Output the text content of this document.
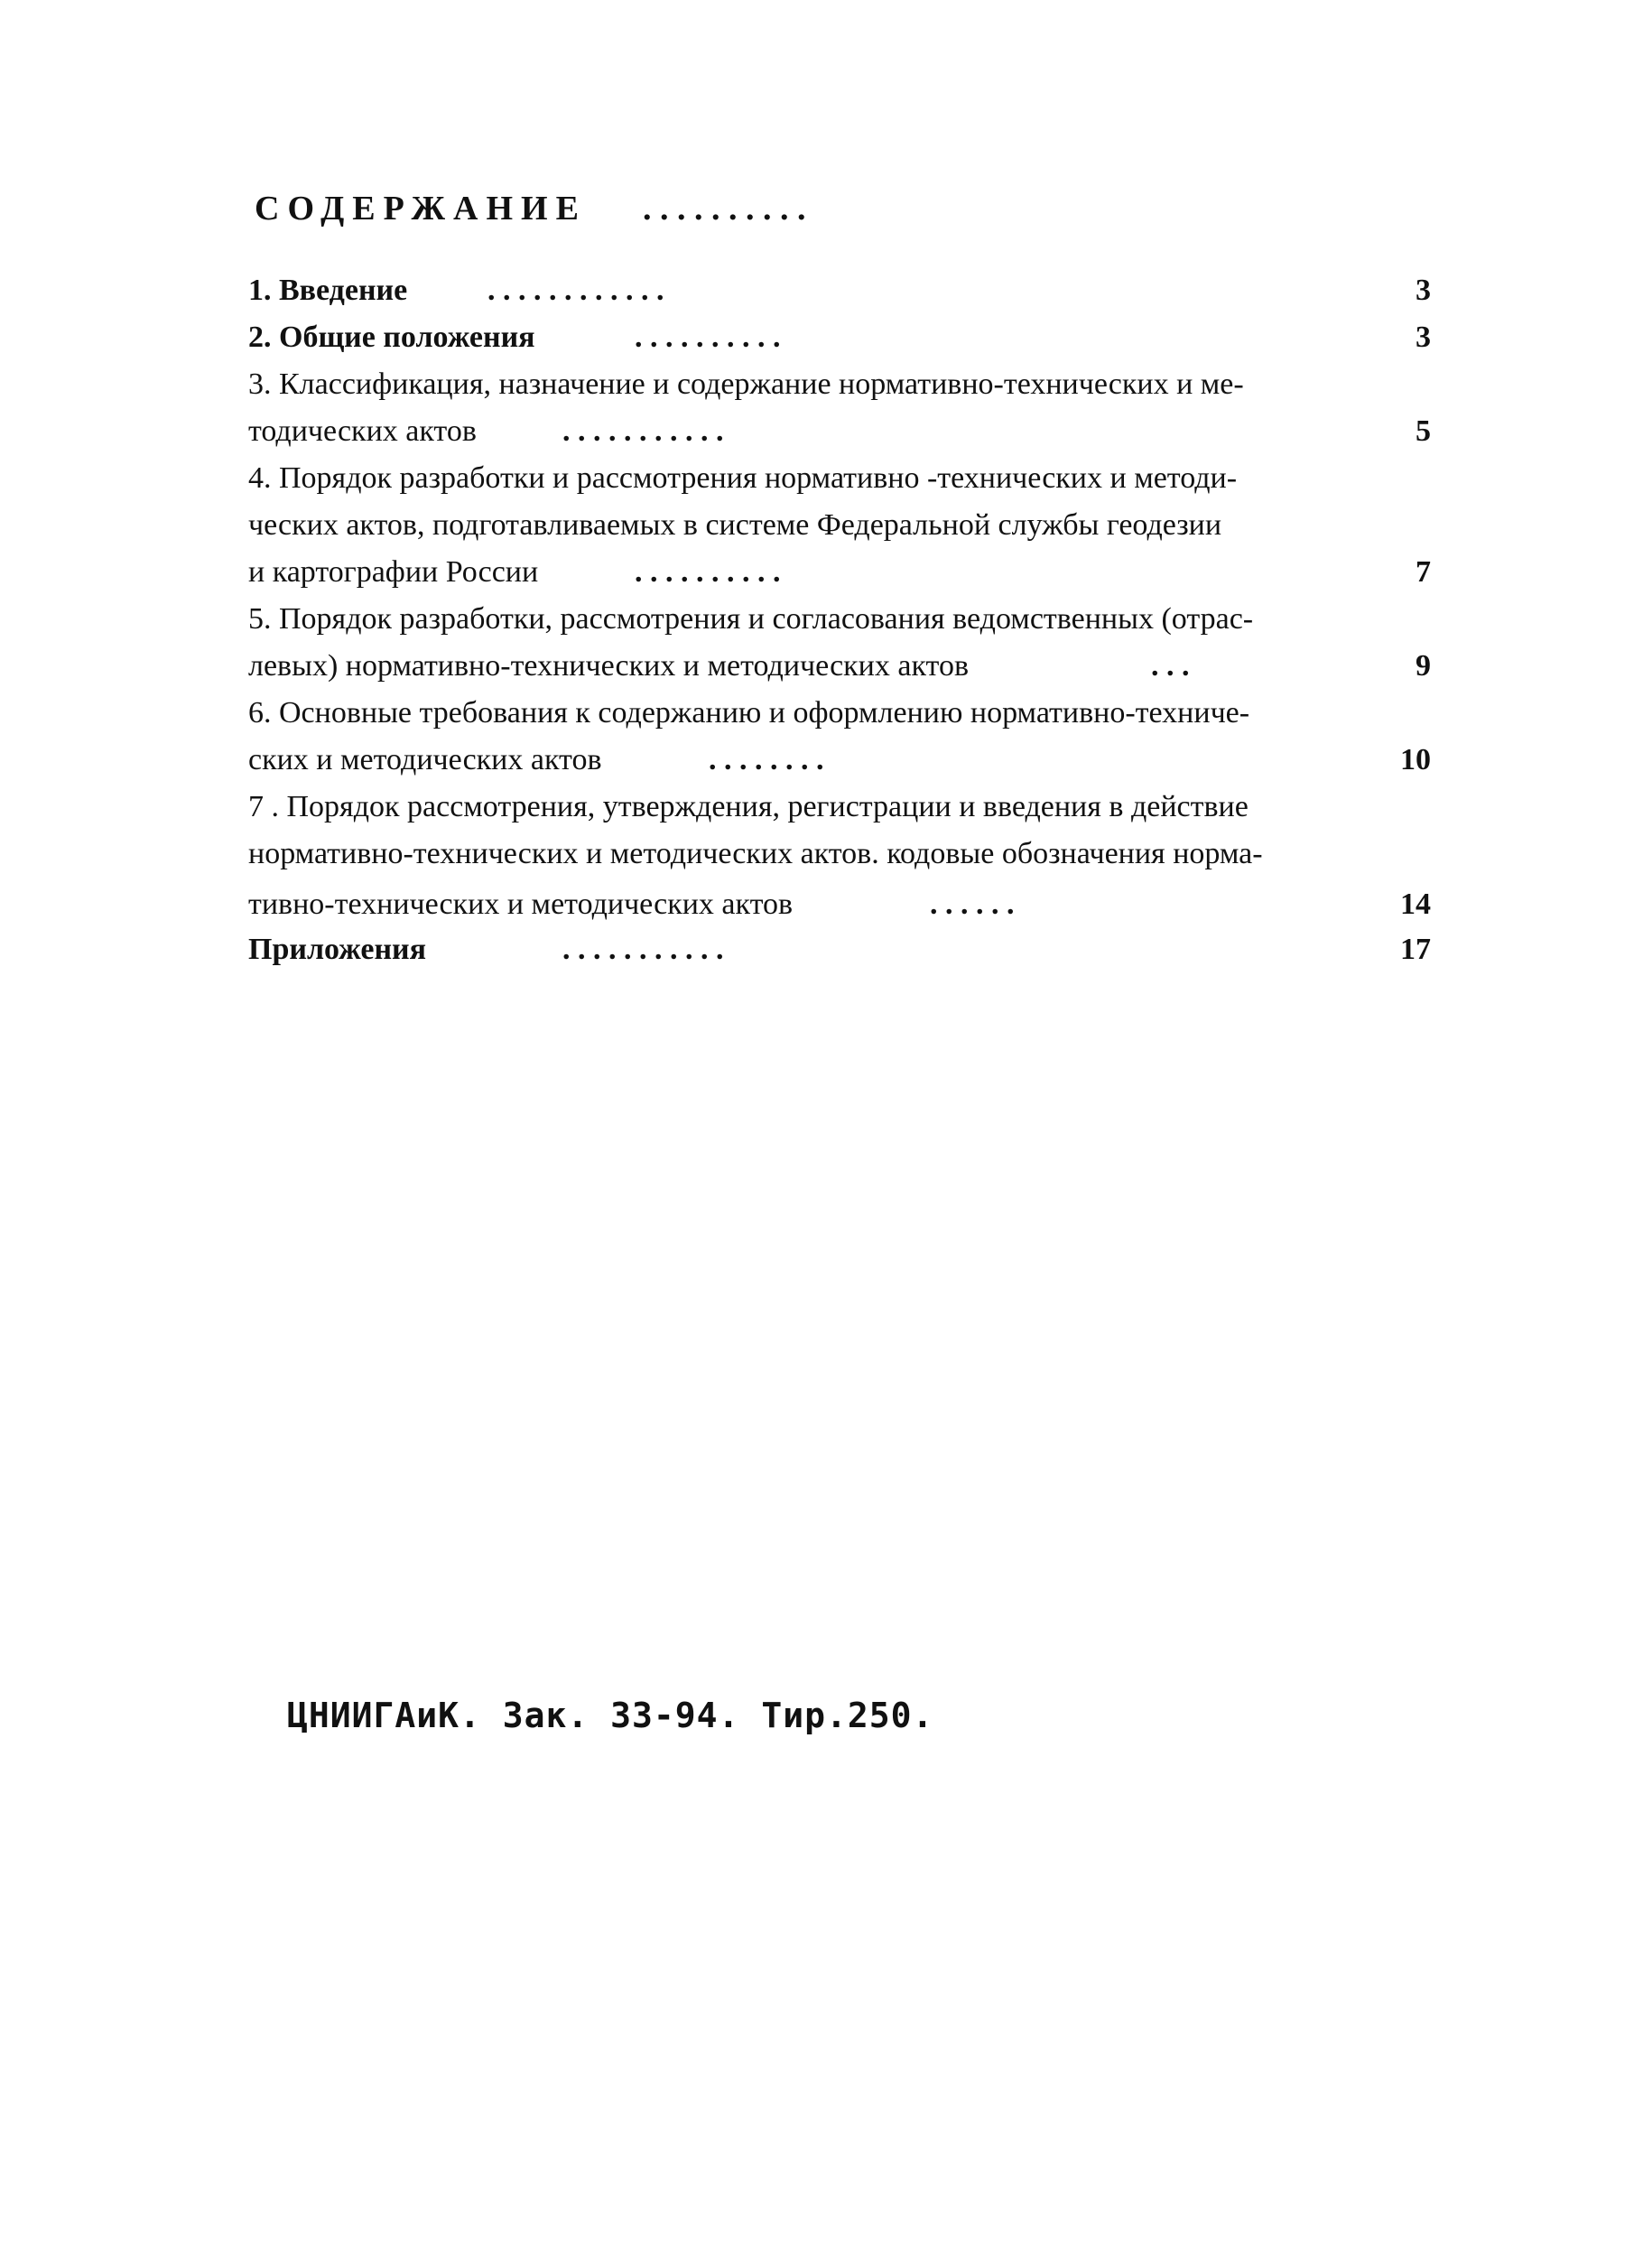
СОДЕРЖАНИЕ . . . . . . . . . .
1. Введение	. . . . . . . . . . . .	3
2. Общие положения	. . . . . . . . . .	3
3. Классификация, назначение и содержание нормативно-технических и ме-
тодических актов	. . . . . . . . . . .	5
4. Порядок разработки и рассмотрения нормативно -технических и методи-
ческих актов, подготавливаемых в системе Федеральной службы геодезии
и картографии России	. . . . . . . . . .	7
5. Порядок разработки, рассмотрения и согласования ведомственных (отрас-
левых) нормативно-технических и методических актов	. . .	9
6. Основные требования к содержанию и оформлению нормативно-техниче-
ских и методических актов	. . . . . . . .	10
7 . Порядок рассмотрения, утверждения, регистрации и введения в действие
нормативно-технических и методических актов. кодовые обозначения норма-
тивно-технических и методических актов	. . . . . .	14
Приложения	. . . . . . . . . . .	17
ЦНИИГАиК. Зак. 33-94. Тир.250.
